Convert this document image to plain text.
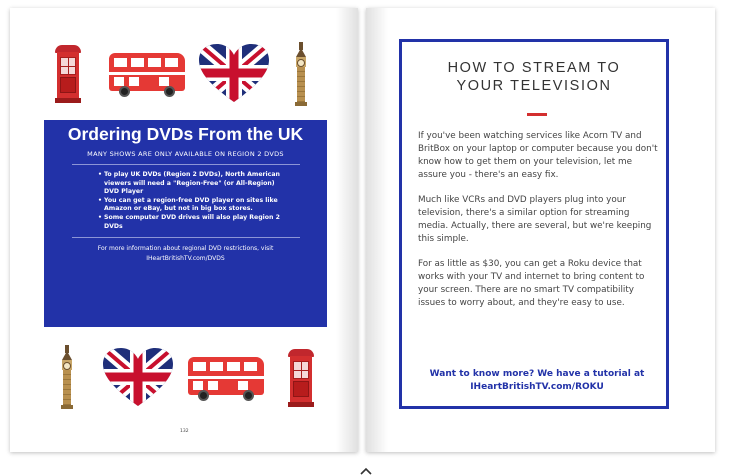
Ordering DVDs From the UK
MANY SHOWS ARE ONLY AVAILABLE ON REGION 2 DVDS
• To play UK DVDs (Region 2 DVDs), North American viewers will need a "Region-Free" (or All-Region) DVD Player
• You can get a region-free DVD player on sites like Amazon or eBay, but not in big box stores.
• Some computer DVD drives will also play Region 2 DVDs
For more information about regional DVD restrictions, visit
IHeartBritishTV.com/DVDS
132
HOW TO STREAM TO
YOUR TELEVISION

If you've been watching services like Acorn TV and BritBox on your laptop or computer because you don't know how to get them on your television, let me assure you - there's an easy fix.

Much like VCRs and DVD players plug into your television, there's a similar option for streaming media. Actually, there are several, but we're keeping this simple.

For as little as $30, you can get a Roku device that works with your TV and internet to bring content to your screen. There are no smart TV compatibility issues to worry about, and they're easy to use.

Want to know more? We have a tutorial at
IHeartBritishTV.com/ROKU
